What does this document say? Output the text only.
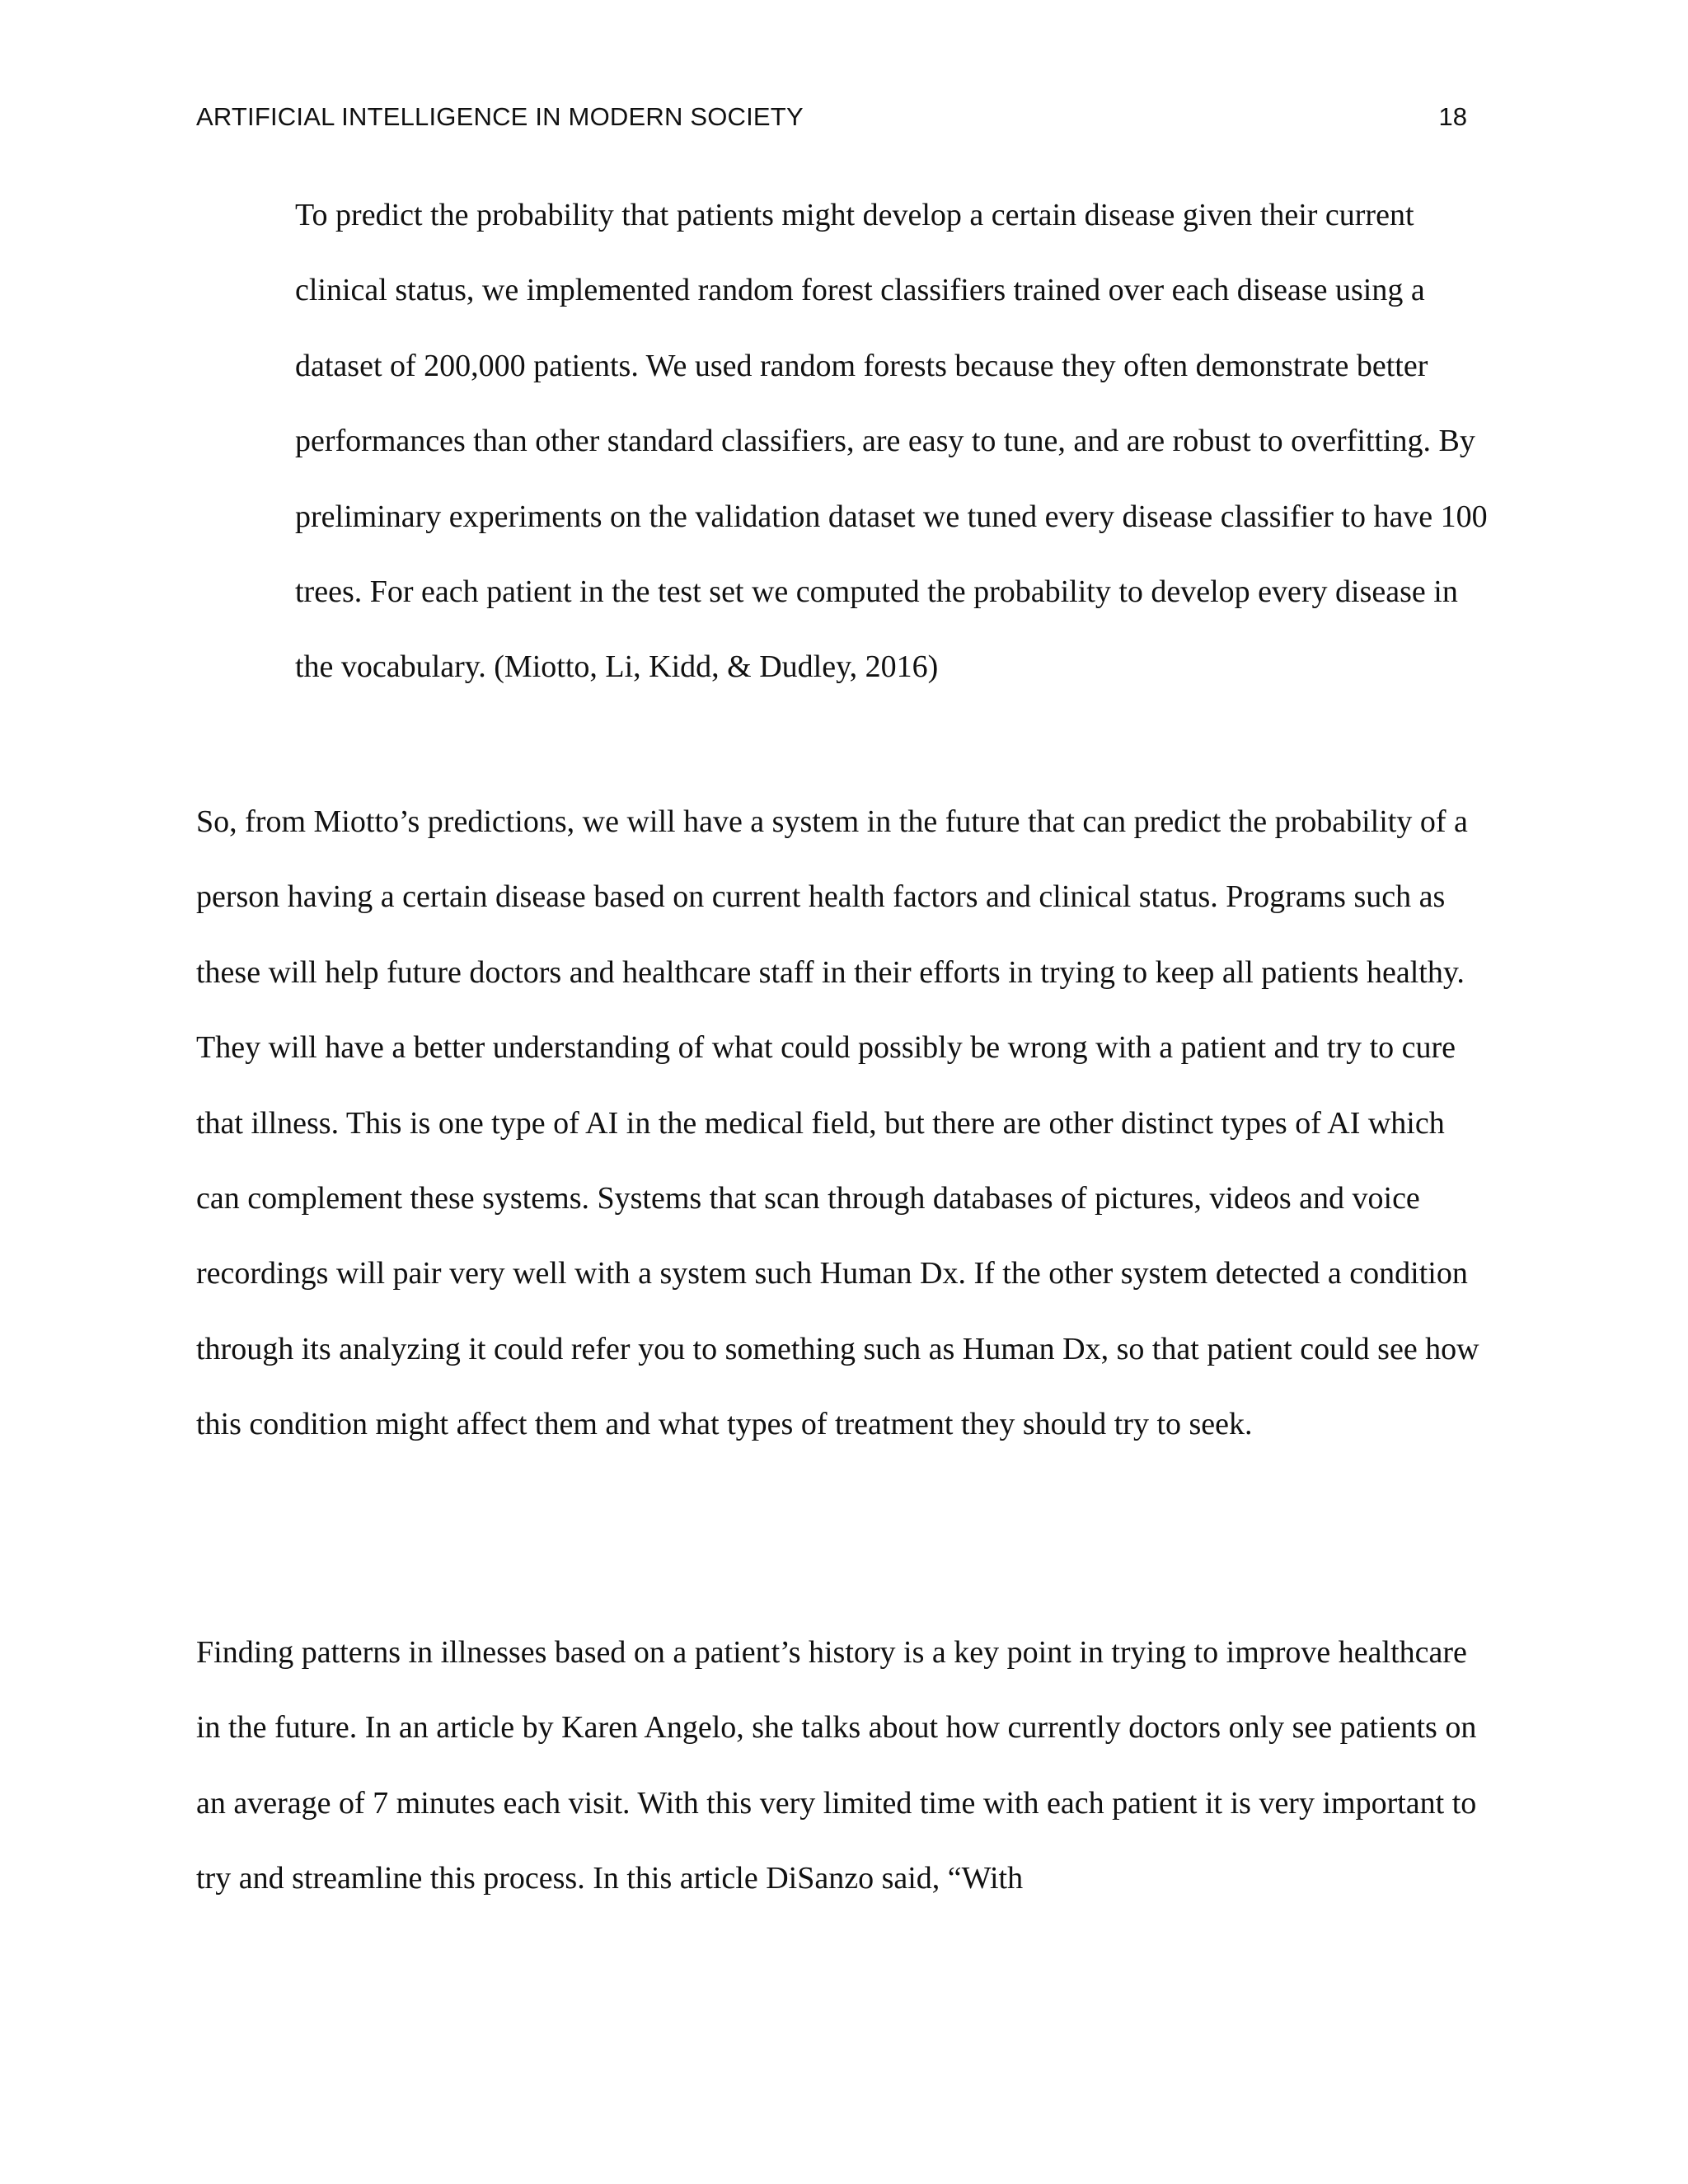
ARTIFICIAL INTELLIGENCE IN MODERN SOCIETY	18

To predict the probability that patients might develop a certain disease given their current clinical status, we implemented random forest classifiers trained over each disease using a dataset of 200,000 patients. We used random forests because they often demonstrate better performances than other standard classifiers, are easy to tune, and are robust to overfitting. By preliminary experiments on the validation dataset we tuned every disease classifier to have 100 trees. For each patient in the test set we computed the probability to develop every disease in the vocabulary. (Miotto, Li, Kidd, & Dudley, 2016)

So, from Miotto’s predictions, we will have a system in the future that can predict the probability of a person having a certain disease based on current health factors and clinical status. Programs such as these will help future doctors and healthcare staff in their efforts in trying to keep all patients healthy. They will have a better understanding of what could possibly be wrong with a patient and try to cure that illness. This is one type of AI in the medical field, but there are other distinct types of AI which can complement these systems. Systems that scan through databases of pictures, videos and voice recordings will pair very well with a system such Human Dx. If the other system detected a condition through its analyzing it could refer you to something such as Human Dx, so that patient could see how this condition might affect them and what types of treatment they should try to seek.

Finding patterns in illnesses based on a patient’s history is a key point in trying to improve healthcare in the future. In an article by Karen Angelo, she talks about how currently doctors only see patients on an average of 7 minutes each visit. With this very limited time with each patient it is very important to try and streamline this process. In this article DiSanzo said, “With
